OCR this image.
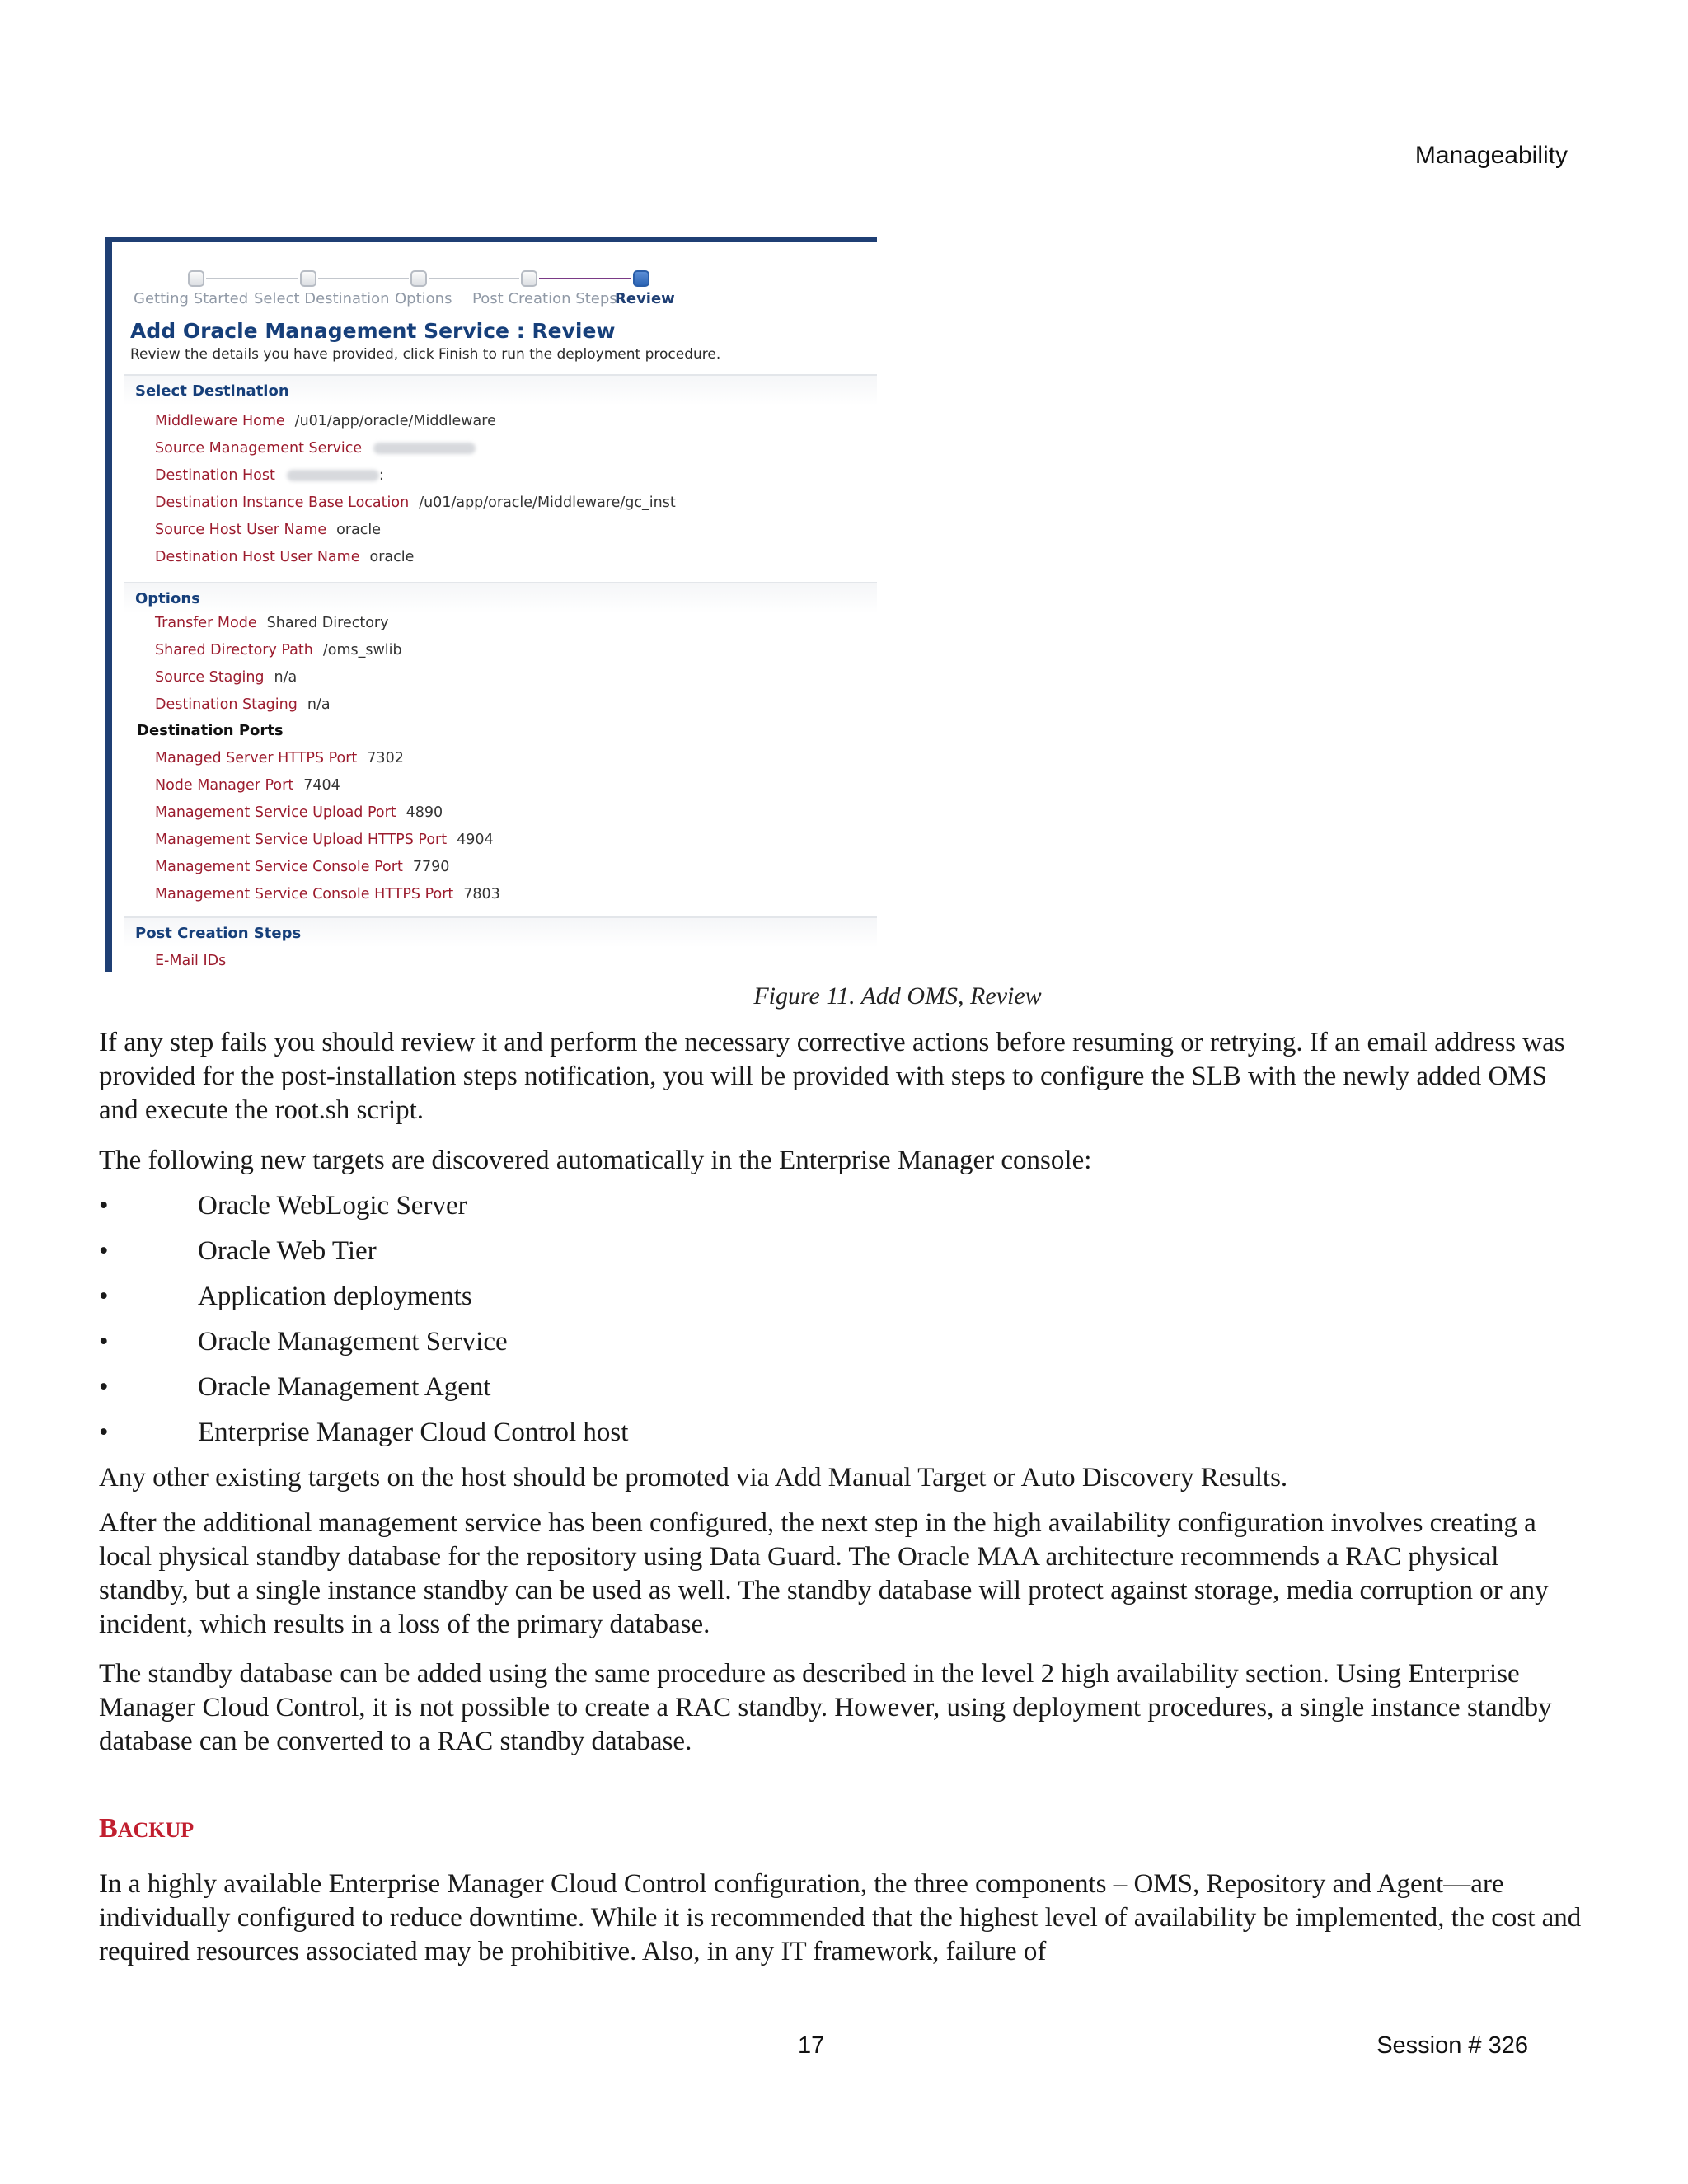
Manageability
Getting Started Select Destination Options Post Creation Steps
Review
Add Oracle Management Service : Review
Review the details you have provided, click Finish to run the deployment procedure.
Select Destination
Middleware Home /u01/app/oracle/Middleware
Source Management Service
Destination Host	:
Destination Instance Base Location /u01/app/oracle/Middleware/gc_inst
Source Host User Name oracle
Destination Host User Name oracle
Options
Transfer Mode Shared Directory
Shared Directory Path /oms_swlib
Source Staging n/a
Destination Staging n/a
Destination Ports
Managed Server HTTPS Port 7302
Node Manager Port 7404
Management Service Upload Port 4890
Management Service Upload HTTPS Port 4904
Management Service Console Port 7790
Management Service Console HTTPS Port 7803
Post Creation Steps
E-Mail IDs
Figure 11. Add OMS, Review
If any step fails you should review it and perform the necessary corrective actions before resuming or retrying. If an email address was provided for the post-installation steps notification, you will be provided with steps to configure the SLB with the newly added OMS and execute the root.sh script.
The following new targets are discovered automatically in the Enterprise Manager console:
•	Oracle WebLogic Server
•	Oracle Web Tier
•	Application deployments
•	Oracle Management Service
•	Oracle Management Agent
•	Enterprise Manager Cloud Control host
Any other existing targets on the host should be promoted via Add Manual Target or Auto Discovery Results.
After the additional management service has been configured, the next step in the high availability configuration involves creating a local physical standby database for the repository using Data Guard. The Oracle MAA architecture recommends a RAC physical standby, but a single instance standby can be used as well. The standby database will protect against storage, media corruption or any incident, which results in a loss of the primary database.
The standby database can be added using the same procedure as described in the level 2 high availability section. Using Enterprise Manager Cloud Control, it is not possible to create a RAC standby. However, using deployment procedures, a single instance standby database can be converted to a RAC standby database.
BACKUP
In a highly available Enterprise Manager Cloud Control configuration, the three components – OMS, Repository and Agent—are individually configured to reduce downtime. While it is recommended that the highest level of availability be implemented, the cost and required resources associated may be prohibitive. Also, in any IT framework, failure of
17	Session # 326
